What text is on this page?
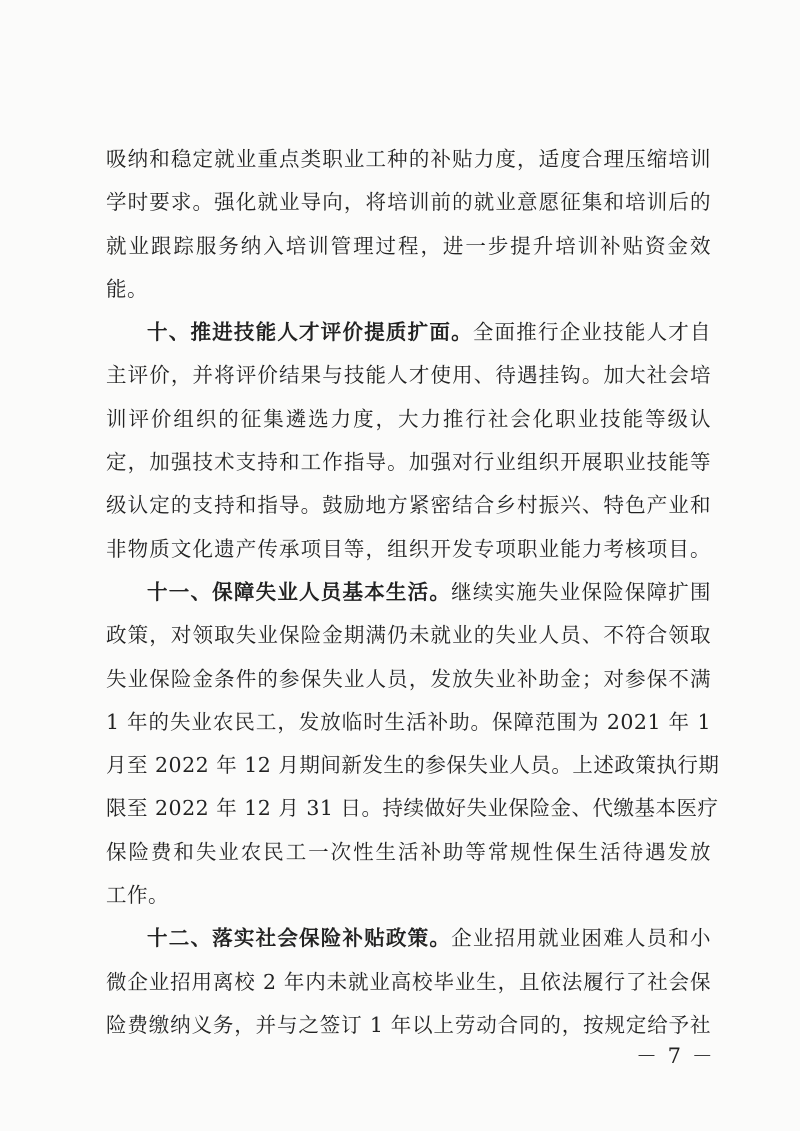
吸纳和稳定就业重点类职业工种的补贴力度，适度合理压缩培训
学时要求。强化就业导向，将培训前的就业意愿征集和培训后的
就业跟踪服务纳入培训管理过程，进一步提升培训补贴资金效
能。
十、推进技能人才评价提质扩面。全面推行企业技能人才自
主评价，并将评价结果与技能人才使用、待遇挂钩。加大社会培
训评价组织的征集遴选力度，大力推行社会化职业技能等级认
定，加强技术支持和工作指导。加强对行业组织开展职业技能等
级认定的支持和指导。鼓励地方紧密结合乡村振兴、特色产业和
非物质文化遗产传承项目等，组织开发专项职业能力考核项目。
十一、保障失业人员基本生活。继续实施失业保险保障扩围
政策，对领取失业保险金期满仍未就业的失业人员、不符合领取
失业保险金条件的参保失业人员，发放失业补助金；对参保不满
1 年的失业农民工，发放临时生活补助。保障范围为 2021 年 1
月至 2022 年 12 月期间新发生的参保失业人员。上述政策执行期
限至 2022 年 12 月 31 日。持续做好失业保险金、代缴基本医疗
保险费和失业农民工一次性生活补助等常规性保生活待遇发放
工作。
十二、落实社会保险补贴政策。企业招用就业困难人员和小
微企业招用离校 2 年内未就业高校毕业生，且依法履行了社会保
险费缴纳义务，并与之签订 1 年以上劳动合同的，按规定给予社
－ 7 －
